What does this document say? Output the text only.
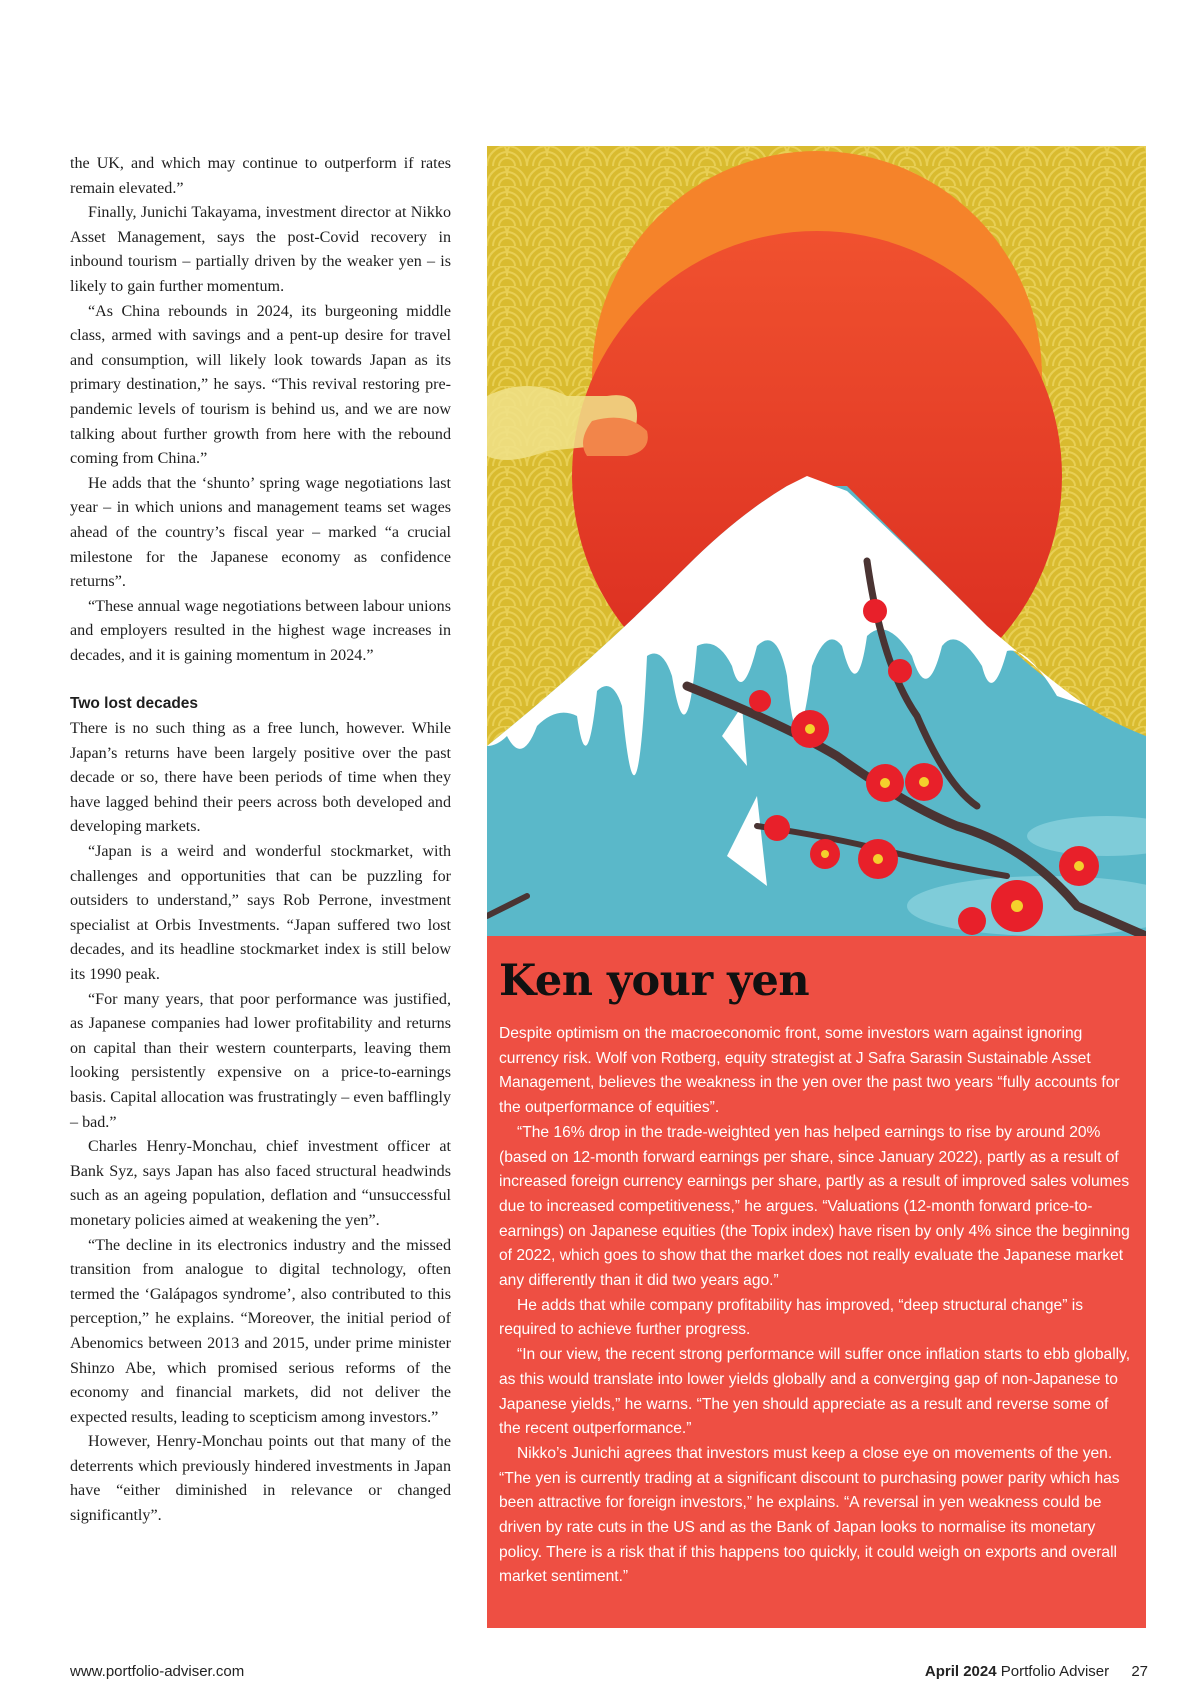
the UK, and which may continue to outperform if rates remain elevated.”

Finally, Junichi Takayama, investment director at Nikko Asset Management, says the post-Covid recovery in inbound tourism – partially driven by the weaker yen – is likely to gain further momentum.

“As China rebounds in 2024, its burgeoning middle class, armed with savings and a pent-up desire for travel and consumption, will likely look towards Japan as its primary destination,” he says. “This revival restoring pre-pandemic levels of tourism is behind us, and we are now talking about further growth from here with the rebound coming from China.”

He adds that the ‘shunto’ spring wage negotiations last year – in which unions and management teams set wages ahead of the country’s fiscal year – marked “a crucial milestone for the Japanese economy as confidence returns”.

“These annual wage negotiations between labour unions and employers resulted in the highest wage increases in decades, and it is gaining momentum in 2024.”

Two lost decades

There is no such thing as a free lunch, however. While Japan’s returns have been largely positive over the past decade or so, there have been periods of time when they have lagged behind their peers across both developed and developing markets.

“Japan is a weird and wonderful stockmarket, with challenges and opportunities that can be puzzling for outsiders to understand,” says Rob Perrone, investment specialist at Orbis Investments. “Japan suffered two lost decades, and its headline stockmarket index is still below its 1990 peak.

“For many years, that poor performance was justified, as Japanese companies had lower profitability and returns on capital than their western counterparts, leaving them looking persistently expensive on a price-to-earnings basis. Capital allocation was frustratingly – even bafflingly – bad.”

Charles Henry-Monchau, chief investment officer at Bank Syz, says Japan has also faced structural headwinds such as an ageing population, deflation and “unsuccessful monetary policies aimed at weakening the yen”.

“The decline in its electronics industry and the missed transition from analogue to digital technology, often termed the ‘Galápagos syndrome’, also contributed to this perception,” he explains. “Moreover, the initial period of Abenomics between 2013 and 2015, under prime minister Shinzo Abe, which promised serious reforms of the economy and financial markets, did not deliver the expected results, leading to scepticism among investors.”

However, Henry-Monchau points out that many of the deterrents which previously hindered investments in Japan have “either diminished in relevance or changed significantly”.

Ken your yen

Despite optimism on the macroeconomic front, some investors warn against ignoring currency risk. Wolf von Rotberg, equity strategist at J Safra Sarasin Sustainable Asset Management, believes the weakness in the yen over the past two years “fully accounts for the outperformance of equities”.

“The 16% drop in the trade-weighted yen has helped earnings to rise by around 20% (based on 12-month forward earnings per share, since January 2022), partly as a result of increased foreign currency earnings per share, partly as a result of improved sales volumes due to increased competitiveness,” he argues. “Valuations (12-month forward price-to-earnings) on Japanese equities (the Topix index) have risen by only 4% since the beginning of 2022, which goes to show that the market does not really evaluate the Japanese market any differently than it did two years ago.”

He adds that while company profitability has improved, “deep structural change” is required to achieve further progress.

“In our view, the recent strong performance will suffer once inflation starts to ebb globally, as this would translate into lower yields globally and a converging gap of non-Japanese to Japanese yields,” he warns. “The yen should appreciate as a result and reverse some of the recent outperformance.”

Nikko’s Junichi agrees that investors must keep a close eye on movements of the yen. “The yen is currently trading at a significant discount to purchasing power parity which has been attractive for foreign investors,” he explains. “A reversal in yen weakness could be driven by rate cuts in the US and as the Bank of Japan looks to normalise its monetary policy. There is a risk that if this happens too quickly, it could weigh on exports and overall market sentiment.”

www.portfolio-adviser.com	April 2024 Portfolio Adviser 27
